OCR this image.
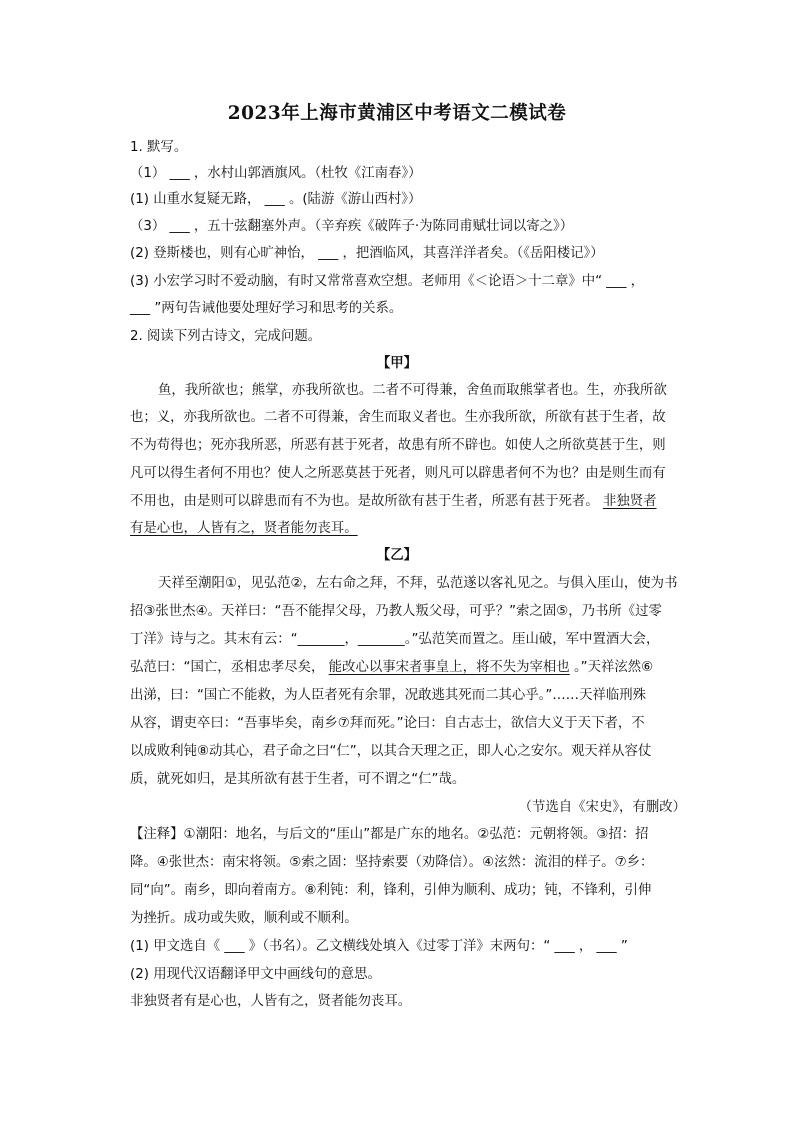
2023年上海市黄浦区中考语文二模试卷
1. 默写。
（1） ___ ，水村山郭酒旗风。（杜牧《江南春》）
(1) 山重水复疑无路， ___ 。(陆游《游山西村》）
（3） ___ ，五十弦翻塞外声。（辛弃疾《破阵子·为陈同甫赋壮词以寄之》）
(2) 登斯楼也，则有心旷神怡， ___ ，把酒临风，其喜洋洋者矣。（《岳阳楼记》）
(3) 小宏学习时不爱动脑，有时又常常喜欢空想。老师用《＜论语＞十二章》中“ ___ ，
___ ”两句告诫他要处理好学习和思考的关系。
2. 阅读下列古诗文，完成问题。
【甲】
鱼，我所欲也；熊掌，亦我所欲也。二者不可得兼，舍鱼而取熊掌者也。生，亦我所欲
也；义，亦我所欲也。二者不可得兼，舍生而取义者也。生亦我所欲，所欲有甚于生者，故
不为苟得也；死亦我所恶，所恶有甚于死者，故患有所不辟也。如使人之所欲莫甚于生，则
凡可以得生者何不用也？使人之所恶莫甚于死者，则凡可以辟患者何不为也？由是则生而有
不用也，由是则可以辟患而有不为也。是故所欲有甚于生者，所恶有甚于死者。 非独贤者
有是心也，人皆有之，贤者能勿丧耳。
【乙】
天祥至潮阳①，见弘范②，左右命之拜，不拜，弘范遂以客礼见之。与俱入厓山，使为书
招③张世杰④。天祥曰：“吾不能捍父母，乃教人叛父母，可乎？”索之固⑤，乃书所《过零
丁洋》诗与之。其末有云：“_______，_______。”弘范笑而置之。厓山破，军中置酒大会，
弘范曰：“国亡，丞相忠孝尽矣， 能改心以事宋者事皇上，将不失为宰相也 。”天祥泫然⑥
出涕，曰：“国亡不能救，为人臣者死有余罪，况敢逃其死而二其心乎。”……天祥临刑殊
从容，谓吏卒曰：“吾事毕矣，南乡⑦拜而死。”论曰：自古志士，欲信大义于天下者，不
以成败利钝⑧动其心，君子命之曰“仁”，以其合天理之正，即人心之安尔。观天祥从容仗
质，就死如归，是其所欲有甚于生者，可不谓之“仁”哉。
（节选自《宋史》，有删改）
【注释】①潮阳：地名，与后文的“厓山”都是广东的地名。②弘范：元朝将领。③招：招
降。④张世杰：南宋将领。⑤索之固：坚持索要（劝降信）。④泫然：流泪的样子。⑦乡：
同“向”。南乡，即向着南方。⑧利钝：利，锋利，引伸为顺利、成功；钝，不锋利，引伸
为挫折。成功或失败，顺利或不顺利。
(1) 甲文选自《 ___ 》（书名）。乙文横线处填入《过零丁洋》末两句：“ ___ ， ___ ”
(2) 用现代汉语翻译甲文中画线句的意思。
非独贤者有是心也，人皆有之，贤者能勿丧耳。
